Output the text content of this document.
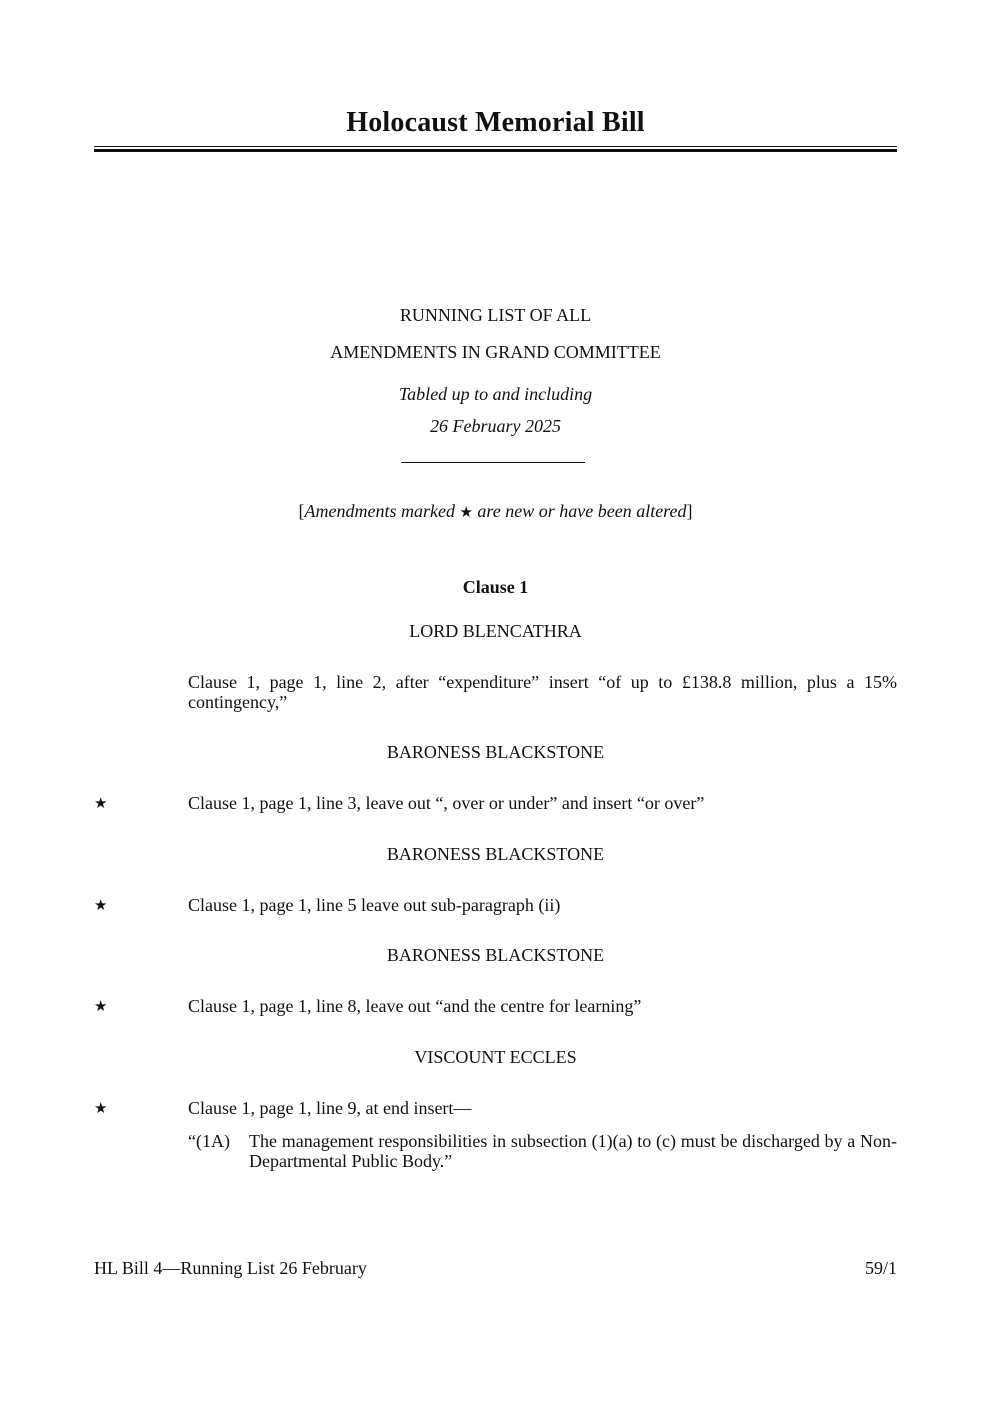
Holocaust Memorial Bill
RUNNING LIST OF ALL
AMENDMENTS IN GRAND COMMITTEE
Tabled up to and including
26 February 2025
[Amendments marked ★ are new or have been altered]
Clause 1
LORD BLENCATHRA
Clause 1, page 1, line 2, after “expenditure” insert “of up to £138.8 million, plus a 15% contingency,”
BARONESS BLACKSTONE
★	Clause 1, page 1, line 3, leave out “, over or under” and insert “or over”
BARONESS BLACKSTONE
★	Clause 1, page 1, line 5 leave out sub-paragraph (ii)
BARONESS BLACKSTONE
★	Clause 1, page 1, line 8, leave out “and the centre for learning”
VISCOUNT ECCLES
★	Clause 1, page 1, line 9, at end insert—
“(1A) The management responsibilities in subsection (1)(a) to (c) must be discharged by a Non-Departmental Public Body.”
HL Bill 4—Running List 26 February	59/1
